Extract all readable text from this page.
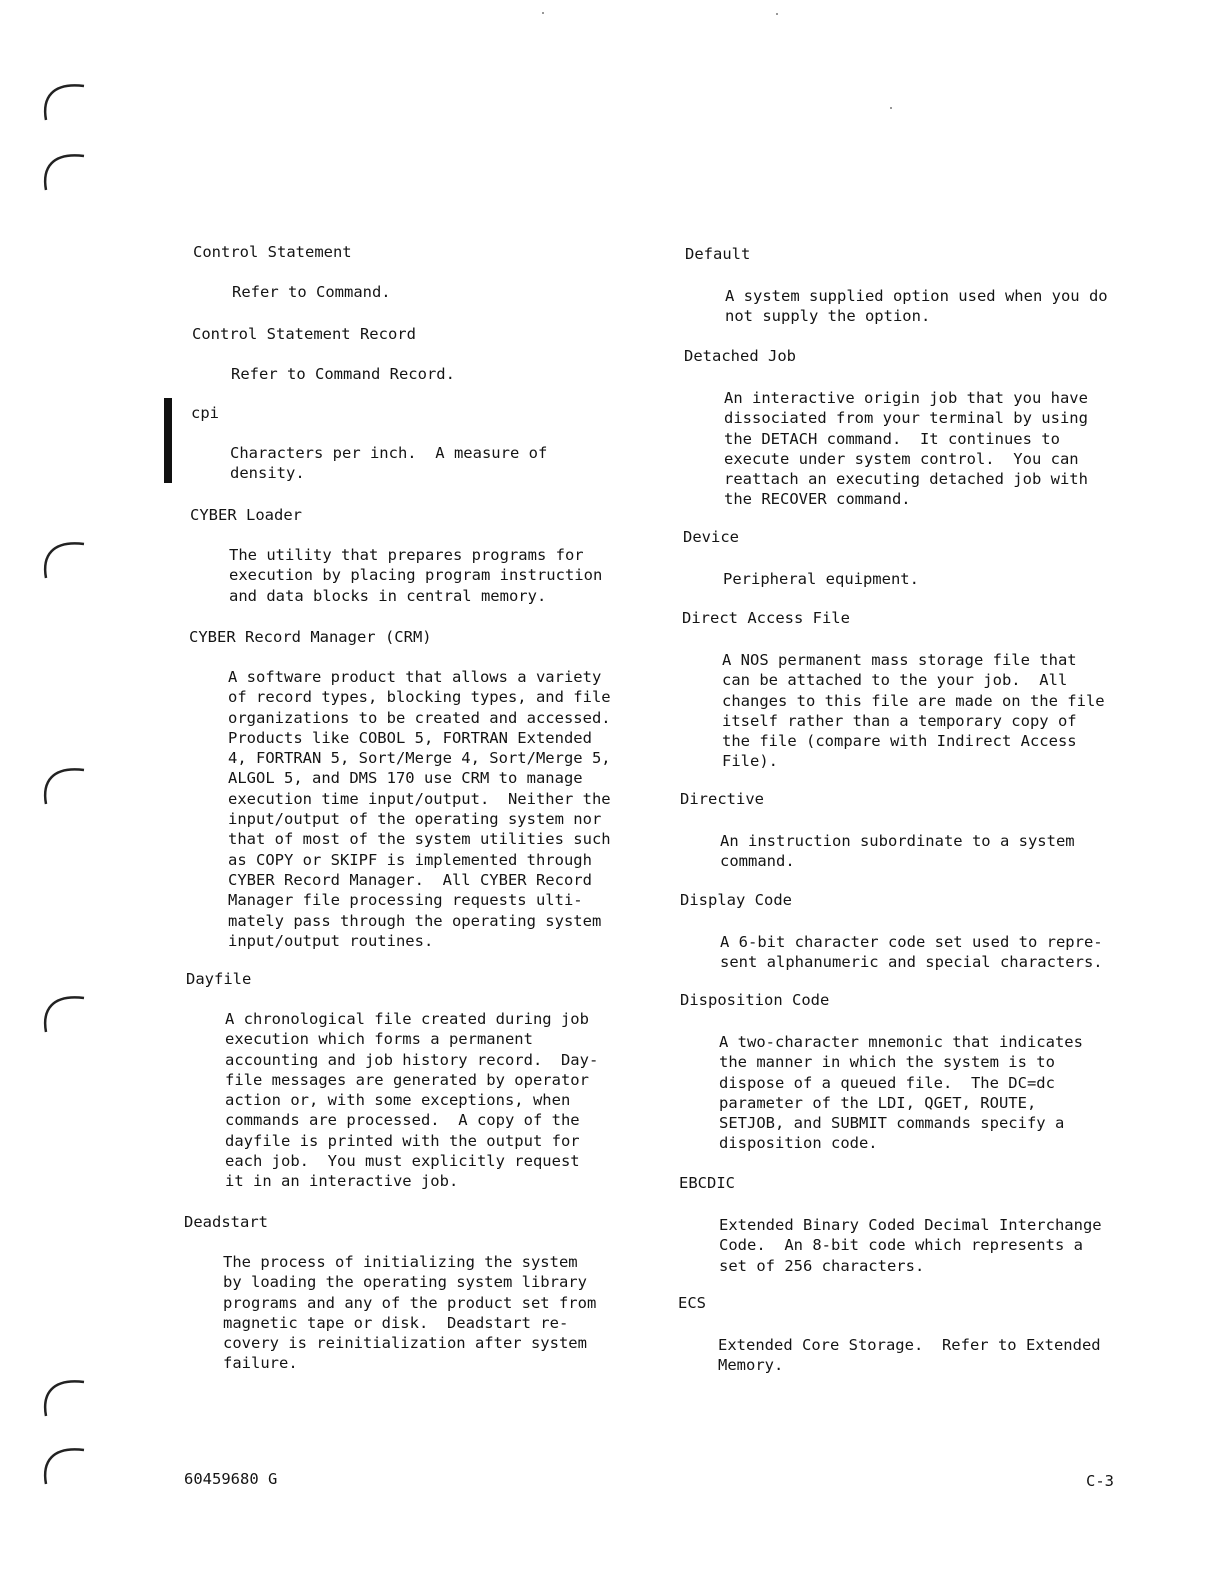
Control Statement
Refer to Command.
Control Statement Record
Refer to Command Record.
cpi
Characters per inch.  A measure of
density.
CYBER Loader
The utility that prepares programs for
execution by placing program instruction
and data blocks in central memory.
CYBER Record Manager (CRM)
A software product that allows a variety
of record types, blocking types, and file
organizations to be created and accessed.
Products like COBOL 5, FORTRAN Extended
4, FORTRAN 5, Sort/Merge 4, Sort/Merge 5,
ALGOL 5, and DMS 170 use CRM to manage
execution time input/output.  Neither the
input/output of the operating system nor
that of most of the system utilities such
as COPY or SKIPF is implemented through
CYBER Record Manager.  All CYBER Record
Manager file processing requests ulti-
mately pass through the operating system
input/output routines.
Dayfile
A chronological file created during job
execution which forms a permanent
accounting and job history record.  Day-
file messages are generated by operator
action or, with some exceptions, when
commands are processed.  A copy of the
dayfile is printed with the output for
each job.  You must explicitly request
it in an interactive job.
Deadstart
The process of initializing the system
by loading the operating system library
programs and any of the product set from
magnetic tape or disk.  Deadstart re-
covery is reinitialization after system
failure.
Default
A system supplied option used when you do
not supply the option.
Detached Job
An interactive origin job that you have
dissociated from your terminal by using
the DETACH command.  It continues to
execute under system control.  You can
reattach an executing detached job with
the RECOVER command.
Device
Peripheral equipment.
Direct Access File
A NOS permanent mass storage file that
can be attached to the your job.  All
changes to this file are made on the file
itself rather than a temporary copy of
the file (compare with Indirect Access
File).
Directive
An instruction subordinate to a system
command.
Display Code
A 6-bit character code set used to repre-
sent alphanumeric and special characters.
Disposition Code
A two-character mnemonic that indicates
the manner in which the system is to
dispose of a queued file.  The DC=dc
parameter of the LDI, QGET, ROUTE,
SETJOB, and SUBMIT commands specify a
disposition code.
EBCDIC
Extended Binary Coded Decimal Interchange
Code.  An 8-bit code which represents a
set of 256 characters.
ECS
Extended Core Storage.  Refer to Extended
Memory.
60459680 G	C-3
